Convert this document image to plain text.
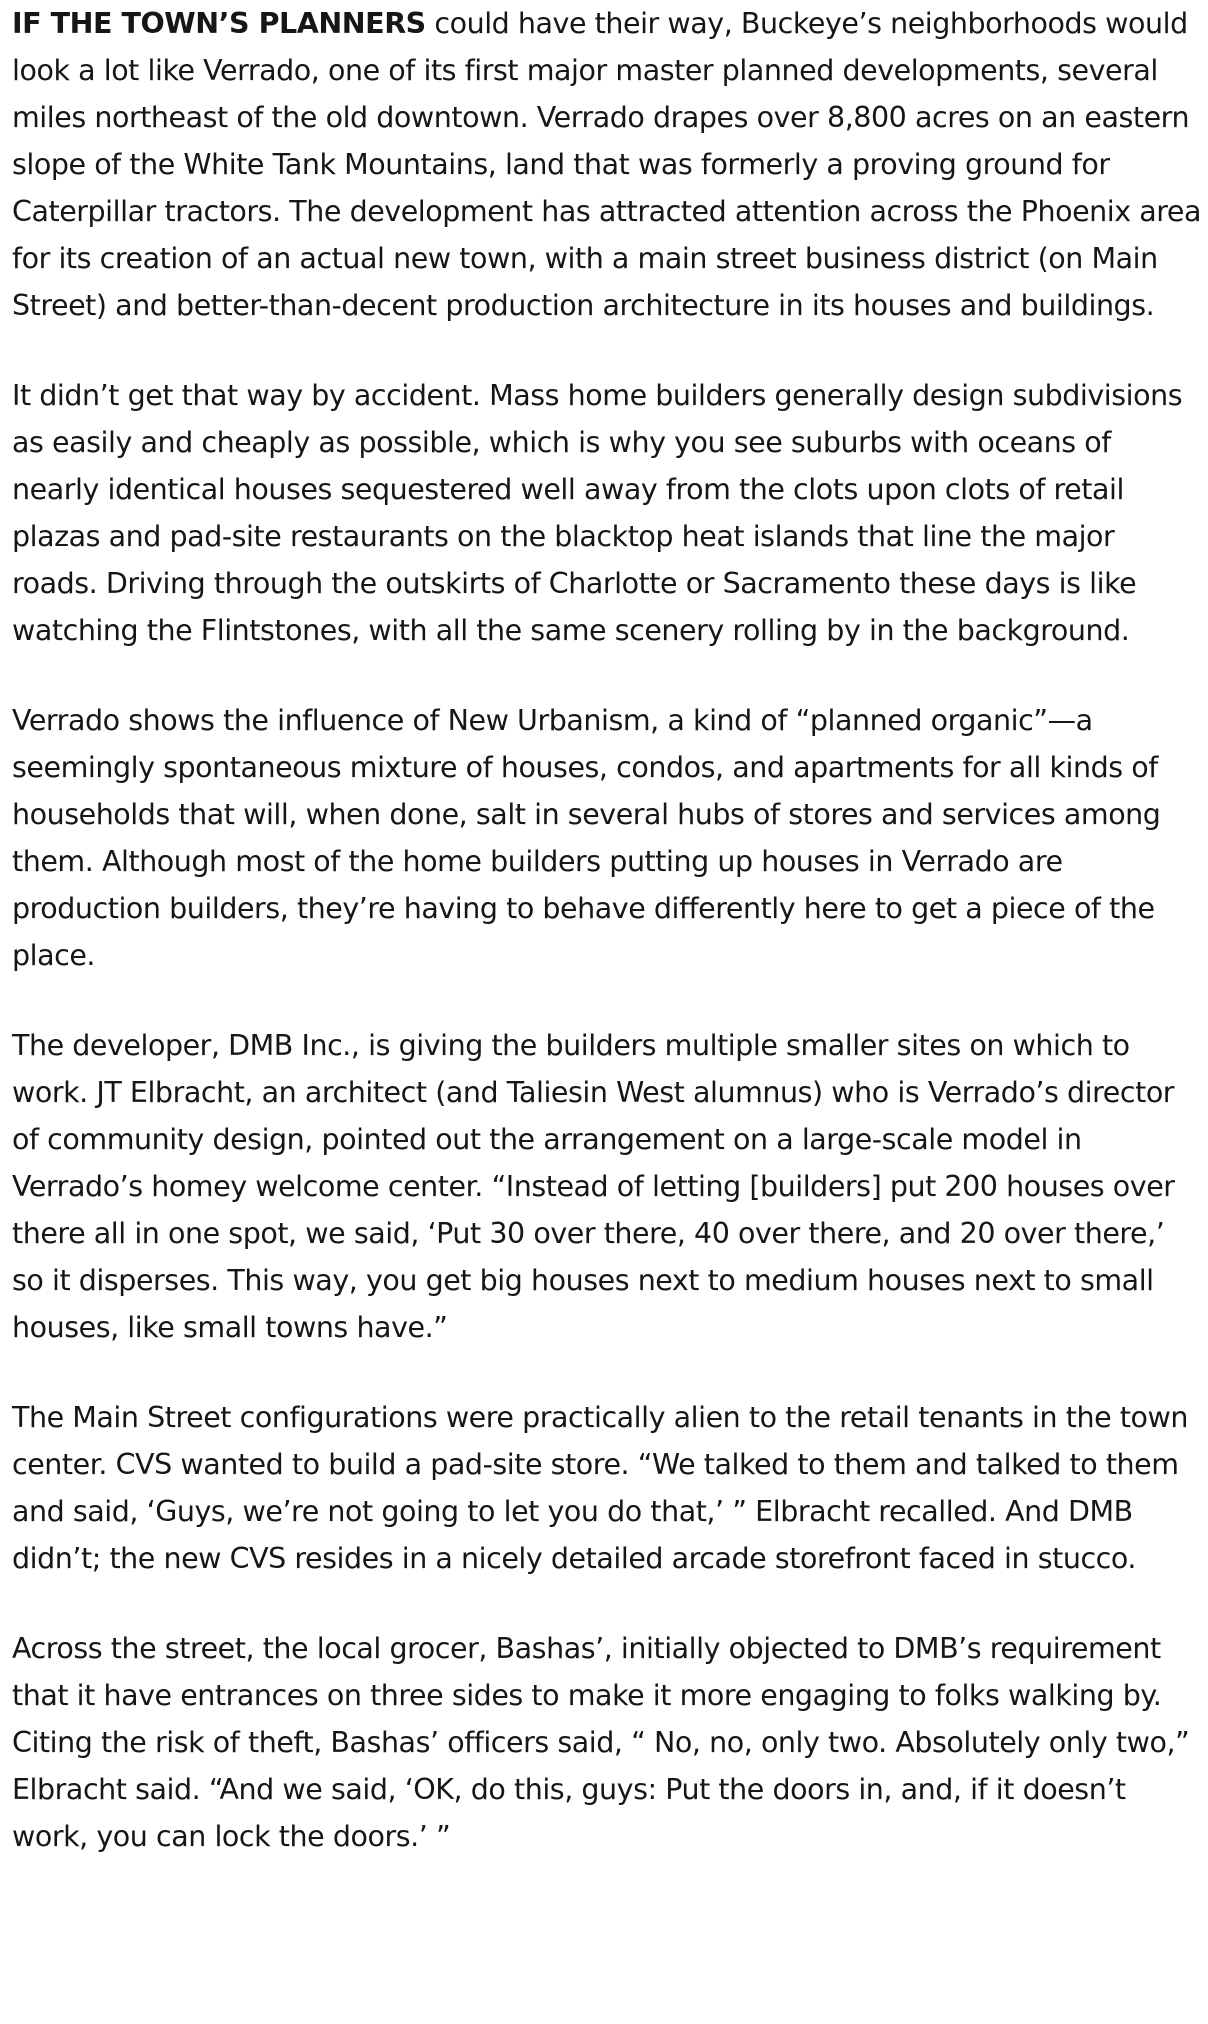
IF THE TOWN’S PLANNERS could have their way, Buckeye’s neighborhoods would look a lot like Verrado, one of its first major master planned developments, several miles northeast of the old downtown. Verrado drapes over 8,800 acres on an eastern slope of the White Tank Mountains, land that was formerly a proving ground for Caterpillar tractors. The development has attracted attention across the Phoenix area for its creation of an actual new town, with a main street business district (on Main Street) and better-than-decent production architecture in its houses and buildings.

It didn’t get that way by accident. Mass home builders generally design subdivisions as easily and cheaply as possible, which is why you see suburbs with oceans of nearly identical houses sequestered well away from the clots upon clots of retail plazas and pad-site restaurants on the blacktop heat islands that line the major roads. Driving through the outskirts of Charlotte or Sacramento these days is like watching the Flintstones, with all the same scenery rolling by in the background.

Verrado shows the influence of New Urbanism, a kind of “planned organic”—a seemingly spontaneous mixture of houses, condos, and apartments for all kinds of households that will, when done, salt in several hubs of stores and services among them. Although most of the home builders putting up houses in Verrado are production builders, they’re having to behave differently here to get a piece of the place.

The developer, DMB Inc., is giving the builders multiple smaller sites on which to work. JT Elbracht, an architect (and Taliesin West alumnus) who is Verrado’s director of community design, pointed out the arrangement on a large-scale model in Verrado’s homey welcome center. “Instead of letting [builders] put 200 houses over there all in one spot, we said, ‘Put 30 over there, 40 over there, and 20 over there,’ so it disperses. This way, you get big houses next to medium houses next to small houses, like small towns have.”

The Main Street configurations were practically alien to the retail tenants in the town center. CVS wanted to build a pad-site store. “We talked to them and talked to them and said, ‘Guys, we’re not going to let you do that,’ ” Elbracht recalled. And DMB didn’t; the new CVS resides in a nicely detailed arcade storefront faced in stucco.

Across the street, the local grocer, Bashas’, initially objected to DMB’s requirement that it have entrances on three sides to make it more engaging to folks walking by. Citing the risk of theft, Bashas’ officers said, “ No, no, only two. Absolutely only two,” Elbracht said. “And we said, ‘OK, do this, guys: Put the doors in, and, if it doesn’t work, you can lock the doors.’ ”
